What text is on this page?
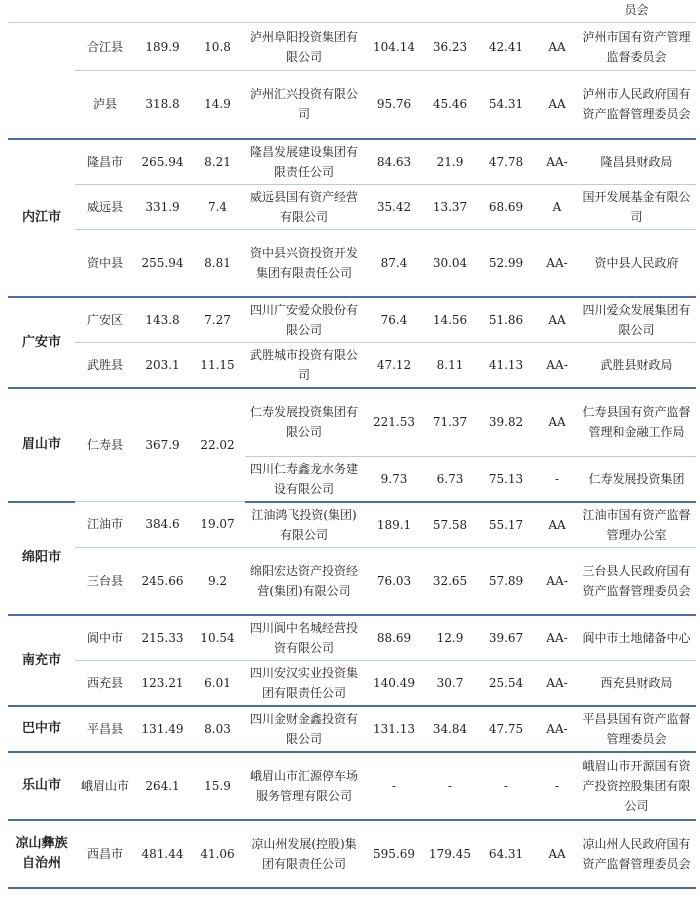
									员会
	合江县	189.9	10.8	泸州阜阳投资集团有限公司	104.14	36.23	42.41	AA	泸州市国有资产管理监督委员会
	泸县	318.8	14.9	泸州汇兴投资有限公司	95.76	45.46	54.31	AA	泸州市人民政府国有资产监督管理委员会
内江市	隆昌市	265.94	8.21	隆昌发展建设集团有限责任公司	84.63	21.9	47.78	AA-	隆昌县财政局
	威远县	331.9	7.4	威远县国有资产经营有限公司	35.42	13.37	68.69	A	国开发展基金有限公司
	资中县	255.94	8.81	资中县兴资投资开发集团有限责任公司	87.4	30.04	52.99	AA-	资中县人民政府
广安市	广安区	143.8	7.27	四川广安爱众股份有限公司	76.4	14.56	51.86	AA	四川爱众发展集团有限公司
	武胜县	203.1	11.15	武胜城市投资有限公司	47.12	8.11	41.13	AA-	武胜县财政局
眉山市	仁寿县	367.9	22.02	仁寿发展投资集团有限公司	221.53	71.37	39.82	AA	仁寿县国有资产监督管理和金融工作局
				四川仁寿鑫龙水务建设有限公司	9.73	6.73	75.13	-	仁寿发展投资集团
绵阳市	江油市	384.6	19.07	江油鸿飞投资(集团)有限公司	189.1	57.58	55.17	AA	江油市国有资产监督管理办公室
	三台县	245.66	9.2	绵阳宏达资产投资经营(集团)有限公司	76.03	32.65	57.89	AA-	三台县人民政府国有资产监督管理委员会
南充市	阆中市	215.33	10.54	四川阆中名城经营投资有限公司	88.69	12.9	39.67	AA-	阆中市土地储备中心
	西充县	123.21	6.01	四川安汉实业投资集团有限责任公司	140.49	30.7	25.54	AA-	西充县财政局
巴中市	平昌县	131.49	8.03	四川金财金鑫投资有限公司	131.13	34.84	47.75	AA-	平昌县国有资产监督管理委员会
乐山市	峨眉山市	264.1	15.9	峨眉山市汇源停车场服务管理有限公司	-	-	-	-	峨眉山市开源国有资产投资控股集团有限公司
凉山彝族自治州	西昌市	481.44	41.06	凉山州发展(控股)集团有限责任公司	595.69	179.45	64.31	AA	凉山州人民政府国有资产监督管理委员会
